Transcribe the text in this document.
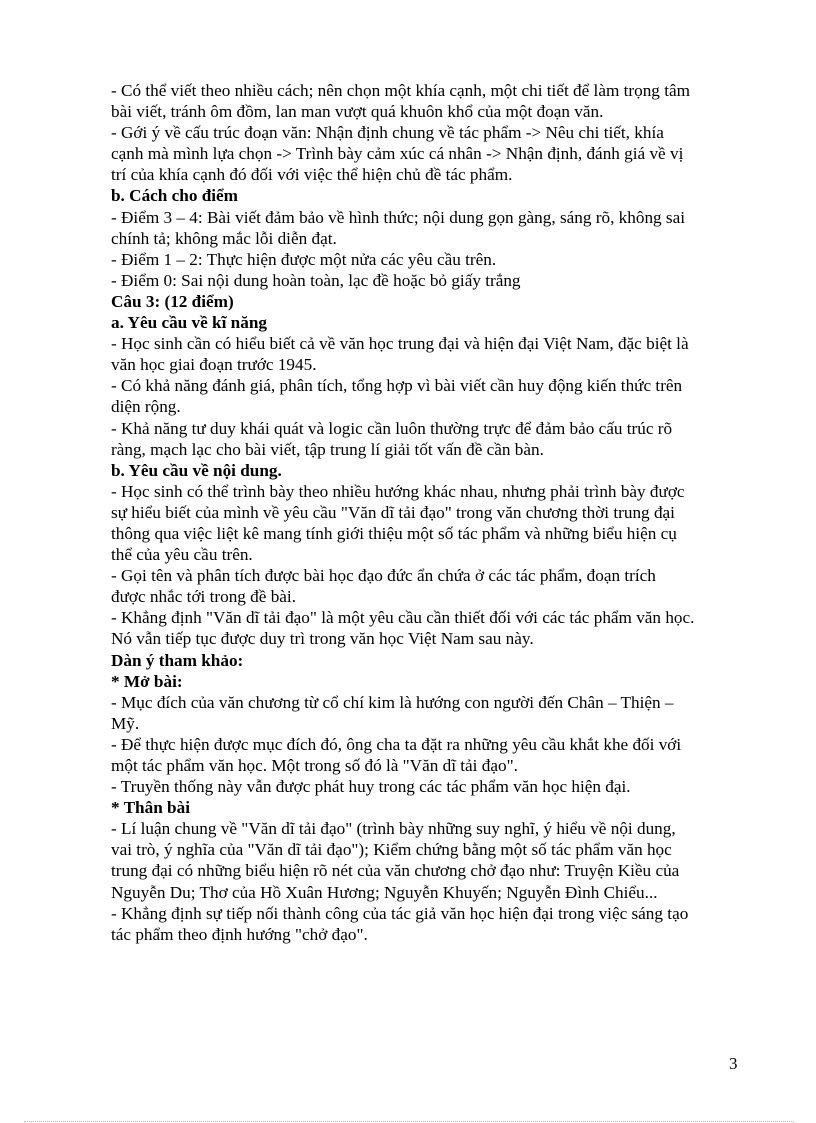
- Có thể viết theo nhiều cách; nên chọn một khía cạnh, một chi tiết để làm trọng tâm
bài viết, tránh ôm đồm, lan man vượt quá khuôn khổ của một đoạn văn.
- Gới ý về cấu trúc đoạn văn: Nhận định chung về tác phẩm -> Nêu chi tiết, khía
cạnh mà mình lựa chọn -> Trình bày cảm xúc cá nhân -> Nhận định, đánh giá về vị
trí của khía cạnh đó đối với việc thể hiện chủ đề tác phẩm.
b. Cách cho điểm
- Điểm 3 – 4: Bài viết đảm bảo về hình thức; nội dung gọn gàng, sáng rõ, không sai
chính tả; không mắc lỗi diễn đạt.
- Điểm 1 – 2: Thực hiện được một nửa các yêu cầu trên.
- Điểm 0: Sai nội dung hoàn toàn, lạc đề hoặc bỏ giấy trắng
Câu 3: (12 điểm)
a. Yêu cầu về kĩ năng
- Học sinh cần có hiểu biết cả về văn học trung đại và hiện đại Việt Nam, đặc biệt là
văn học giai đoạn trước 1945.
- Có khả năng đánh giá, phân tích, tổng hợp vì bài viết cần huy động kiến thức trên
diện rộng.
- Khả năng tư duy khái quát và logic cần luôn thường trực để đảm bảo cấu trúc rõ
ràng, mạch lạc cho bài viết, tập trung lí giải tốt vấn đề cần bàn.
b. Yêu cầu về nội dung.
- Học sinh có thể trình bày theo nhiều hướng khác nhau, nhưng phải trình bày được
sự hiểu biết của mình về yêu cầu "Văn dĩ tải đạo" trong văn chương thời trung đại
thông qua việc liệt kê mang tính giới thiệu một số tác phẩm và những biểu hiện cụ
thể của yêu cầu trên.
- Gọi tên và phân tích được bài học đạo đức ẩn chứa ở các tác phẩm, đoạn trích
được nhắc tới trong đề bài.
- Khẳng định "Văn dĩ tải đạo" là một yêu cầu cần thiết đối với các tác phẩm văn học.
Nó vẫn tiếp tục được duy trì trong văn học Việt Nam sau này.
Dàn ý tham khảo:
* Mở bài:
- Mục đích của văn chương từ cổ chí kim là hướng con người đến Chân – Thiện –
Mỹ.
- Để thực hiện được mục đích đó, ông cha ta đặt ra những yêu cầu khắt khe đối với
một tác phẩm văn học. Một trong số đó là "Văn dĩ tải đạo".
- Truyền thống này vẫn được phát huy trong các tác phẩm văn học hiện đại.
* Thân bài
- Lí luận chung về "Văn dĩ tải đạo" (trình bày những suy nghĩ, ý hiểu về nội dung,
vai trò, ý nghĩa của "Văn dĩ tải đạo"); Kiểm chứng bằng một số tác phẩm văn học
trung đại có những biểu hiện rõ nét của văn chương chở đạo như: Truyện Kiều của
Nguyễn Du; Thơ của Hồ Xuân Hương; Nguyễn Khuyến; Nguyễn Đình Chiểu...
- Khẳng định sự tiếp nối thành công của tác giả văn học hiện đại trong việc sáng tạo
tác phẩm theo định hướng "chở đạo".
3
